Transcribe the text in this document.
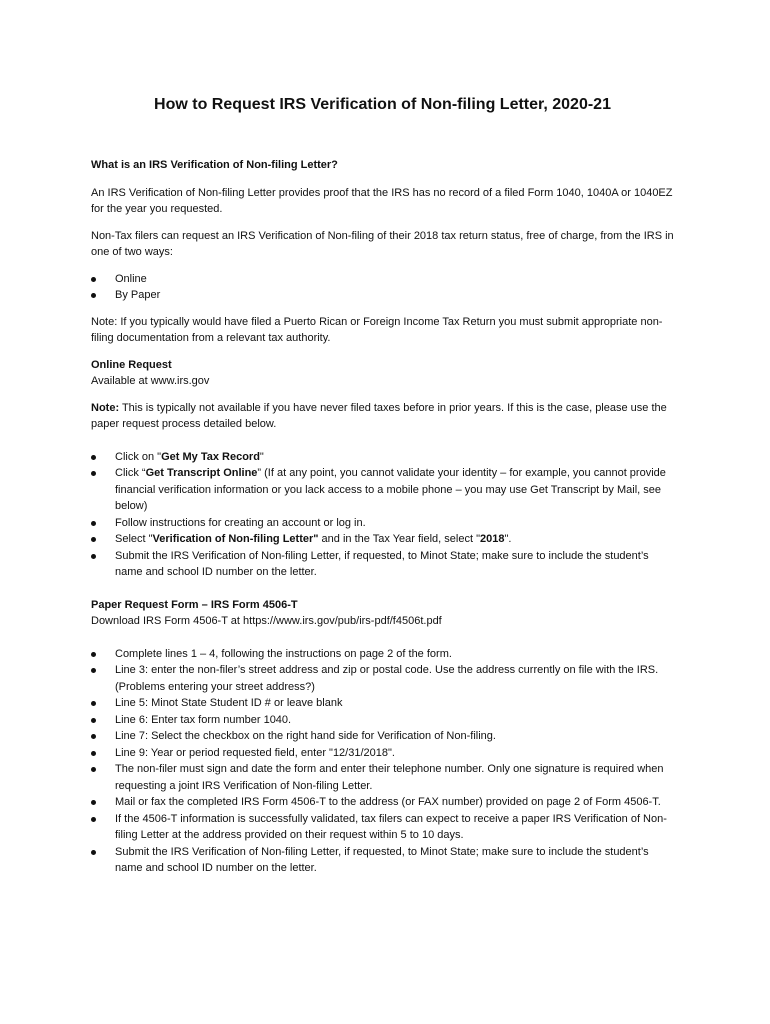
How to Request IRS Verification of Non-filing Letter, 2020-21
What is an IRS Verification of Non-filing Letter?

An IRS Verification of Non-filing Letter provides proof that the IRS has no record of a filed Form 1040, 1040A or 1040EZ for the year you requested.

Non-Tax filers can request an IRS Verification of Non-filing of their 2018 tax return status, free of charge, from the IRS in one of two ways:

Online
By Paper

Note: If you typically would have filed a Puerto Rican or Foreign Income Tax Return you must submit appropriate non-filing documentation from a relevant tax authority.

Online Request

Available at www.irs.gov

Note: This is typically not available if you have never filed taxes before in prior years. If this is the case, please use the paper request process detailed below.

Click on "Get My Tax Record"
Click “Get Transcript Online” (If at any point, you cannot validate your identity – for example, you cannot provide financial verification information or you lack access to a mobile phone – you may use Get Transcript by Mail, see below)
Follow instructions for creating an account or log in.
Select "Verification of Non-filing Letter" and in the Tax Year field, select "2018".
Submit the IRS Verification of Non-filing Letter, if requested, to Minot State; make sure to include the student’s name and school ID number on the letter.

Paper Request Form – IRS Form 4506-T

Download IRS Form 4506-T at https://www.irs.gov/pub/irs-pdf/f4506t.pdf

Complete lines 1 – 4, following the instructions on page 2 of the form.
Line 3: enter the non-filer’s street address and zip or postal code. Use the address currently on file with the IRS. (Problems entering your street address?)
Line 5: Minot State Student ID # or leave blank
Line 6: Enter tax form number 1040.
Line 7: Select the checkbox on the right hand side for Verification of Non-filing.
Line 9: Year or period requested field, enter "12/31/2018".
The non-filer must sign and date the form and enter their telephone number. Only one signature is required when requesting a joint IRS Verification of Non-filing Letter.
Mail or fax the completed IRS Form 4506-T to the address (or FAX number) provided on page 2 of Form 4506-T.
If the 4506-T information is successfully validated, tax filers can expect to receive a paper IRS Verification of Non-filing Letter at the address provided on their request within 5 to 10 days.
Submit the IRS Verification of Non-filing Letter, if requested, to Minot State; make sure to include the student’s name and school ID number on the letter.
